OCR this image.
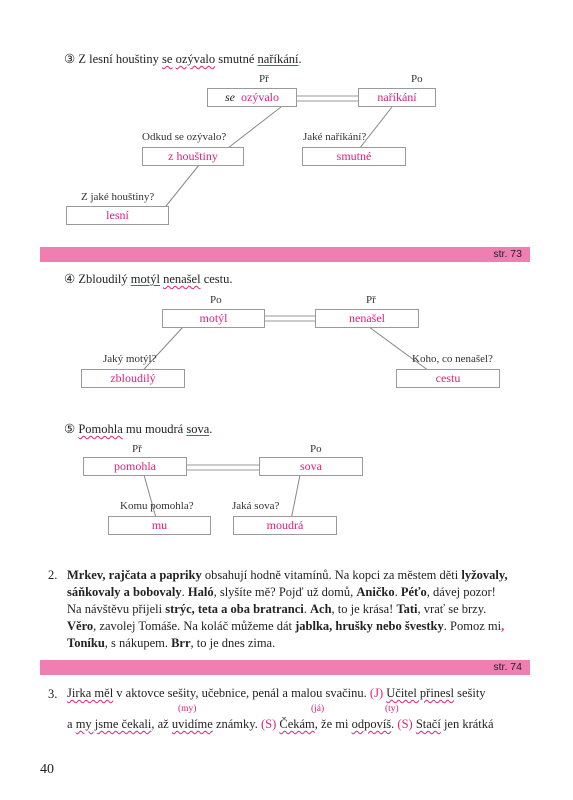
③ Z lesní houštiny se ozývalo smutné naříkání.
Př	Po
se ozývalo	naříkání
Odkud se ozývalo?
z houštiny
Jaké naříkání?
smutné
Z jaké houštiny?
lesní
str. 73
④ Zbloudilý motýl nenašel cestu.
Po	Př
motýl	nenašel
Jaký motýl?
zbloudilý
Koho, co nenašel?
cestu
⑤ Pomohla mu moudrá sova.
Př	Po
pomohla	sova
Komu pomohla?
mu
Jaká sova?
moudrá
2. Mrkev, rajčata a papriky obsahují hodně vitamínů. Na kopci za městem děti lyžovaly,
sáňkovaly a bobovaly. Haló, slyšíte mě? Pojď už domů, Aničko. Péťo, dávej pozor!
Na návštěvu přijeli strýc, teta a oba bratranci. Ach, to je krása! Tati, vrať se brzy.
Věro, zavolej Tomáše. Na koláč můžeme dát jablka, hrušky nebo švestky. Pomoz mi,
Toníku, s nákupem. Brr, to je dnes zima.
str. 74
3. Jirka měl v aktovce sešity, učebnice, penál a malou svačinu. (J) Učitel přinesl sešity
(my)	(já)	(ty)
a my jsme čekali, až uvidíme známky. (S) Čekám, že mi odpovíš. (S) Stačí jen krátká
40
